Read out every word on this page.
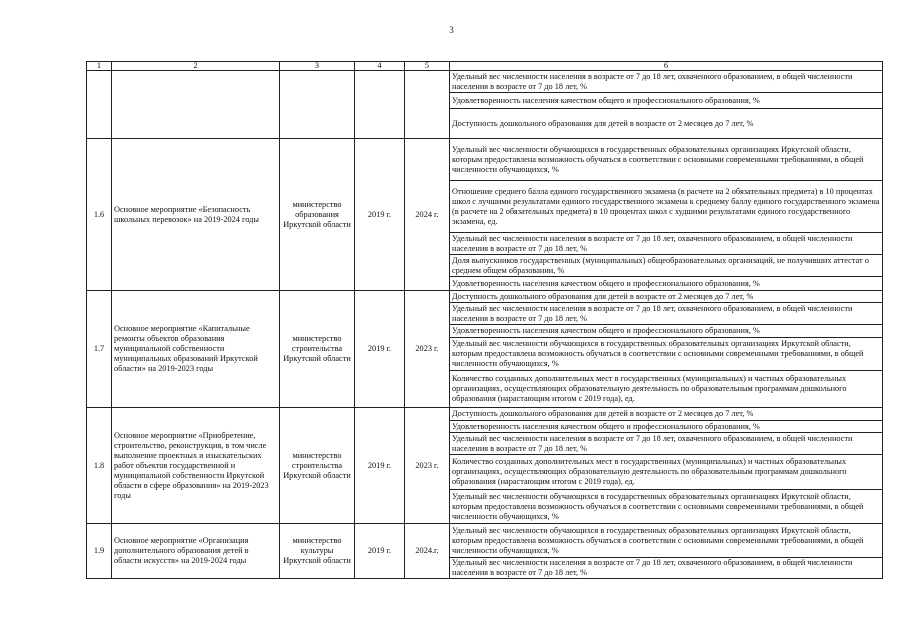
3
1	2	3	4	5	6
					Удельный вес численности населения в возрасте от 7 до 18 лет, охваченного образованием, в общей численности населения в возрасте от 7 до 18 лет, %
					Удовлетворенность населения качеством общего и профессионального образования, %
					Доступность дошкольного образования для детей в возрасте от 2 месяцев до 7 лет, %
1.6	Основное мероприятие «Безопасность школьных перевозок» на 2019-2024 годы	министерство образования Иркутской области	2019 г.	2024 г.	Удельный вес численности обучающихся в государственных образовательных организациях Иркутской области, которым предоставлена возможность обучаться в соответствии с основными современными требованиями, в общей численности обучающихся, %
					Отношение среднего балла единого государственного экзамена (в расчете на 2 обязательных предмета) в 10 процентах школ с лучшими результатами единого государственного экзамена к среднему баллу единого государственного экзамена (в расчете на 2 обязательных предмета) в 10 процентах школ с худшими результатами единого государственного экзамена, ед.
					Удельный вес численности населения в возрасте от 7 до 18 лет, охваченного образованием, в общей численности населения в возрасте от 7 до 18 лет, %
					Доля выпускников государственных (муниципальных) общеобразовательных организаций, не получивших аттестат о среднем общем образовании, %
					Удовлетворенность населения качеством общего и профессионального образования, %
1.7	Основное мероприятие «Капитальные ремонты объектов образования муниципальной собственности муниципальных образований Иркутской области» на 2019-2023 годы	министерство строительства Иркутской области	2019 г.	2023 г.	Доступность дошкольного образования для детей в возрасте от 2 месяцев до 7 лет, %
					Удельный вес численности населения в возрасте от 7 до 18 лет, охваченного образованием, в общей численности населения в возрасте от 7 до 18 лет, %
					Удовлетворенность населения качеством общего и профессионального образования, %
					Удельный вес численности обучающихся в государственных образовательных организациях Иркутской области, которым предоставлена возможность обучаться в соответствии с основными современными требованиями, в общей численности обучающихся, %
					Количество созданных дополнительных мест в государственных (муниципальных) и частных образовательных организациях, осуществляющих образовательную деятельность по образовательным программам дошкольного образования (нарастающим итогом с 2019 года), ед.
1.8	Основное мероприятие «Приобретение, строительство, реконструкция, в том числе выполнение проектных и изыскательских работ объектов государственной и муниципальной собственности Иркутской области в сфере образования» на 2019-2023 годы	министерство строительства Иркутской области	2019 г.	2023 г.	Доступность дошкольного образования для детей в возрасте от 2 месяцев до 7 лет, %
					Удовлетворенность населения качеством общего и профессионального образования, %
					Удельный вес численности населения в возрасте от 7 до 18 лет, охваченного образованием, в общей численности населения в возрасте от 7 до 18 лет, %
					Количество созданных дополнительных мест в государственных (муниципальных) и частных образовательных организациях, осуществляющих образовательную деятельность по образовательным программам дошкольного образования (нарастающим итогом с 2019 года), ед.
					Удельный вес численности обучающихся в государственных образовательных организациях Иркутской области, которым предоставлена возможность обучаться в соответствии с основными современными требованиями, в общей численности обучающихся, %
1.9	Основное мероприятие «Организация дополнительного образования детей в области искусств» на 2019-2024 годы	министерство культуры Иркутской области	2019 г.	2024.г.	Удельный вес численности обучающихся в государственных образовательных организациях Иркутской области, которым предоставлена возможность обучаться в соответствии с основными современными требованиями, в общей численности обучающихся, %
					Удельный вес численности населения в возрасте от 7 до 18 лет, охваченного образованием, в общей численности населения в возрасте от 7 до 18 лет, %
